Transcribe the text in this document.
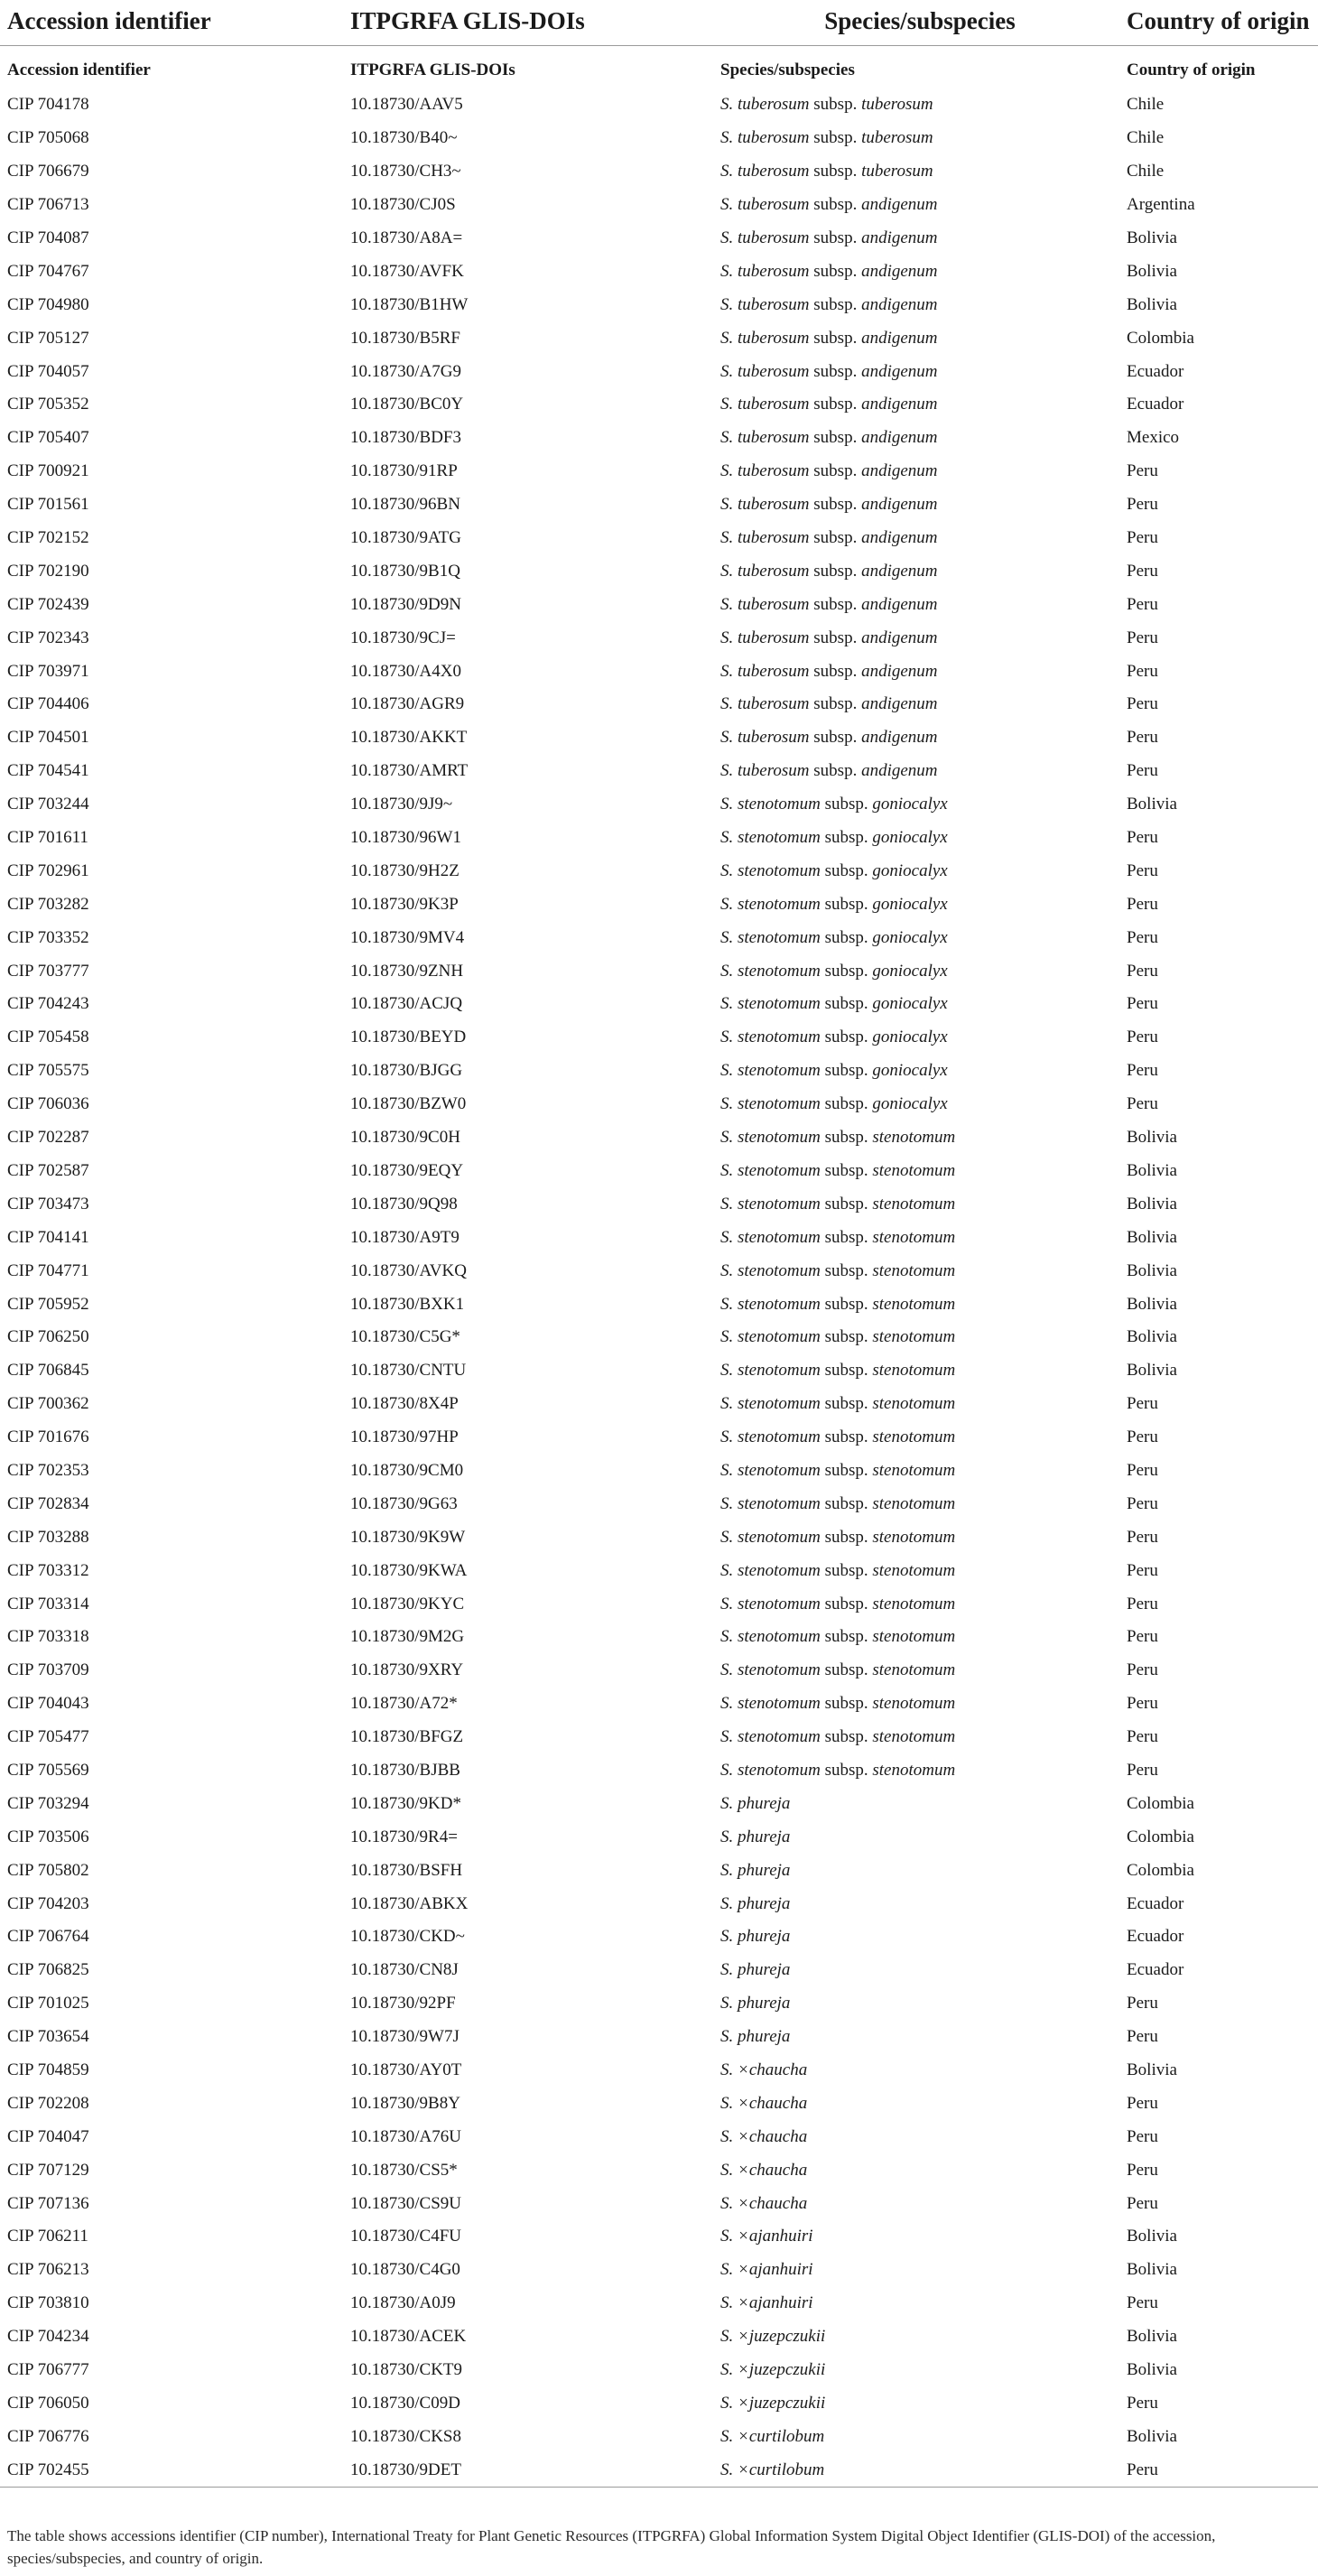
Accession identifier	ITPGRFA GLIS-DOIs	Species/subspecies	Country of origin
Accession identifier	ITPGRFA GLIS-DOIs	Species/subspecies	Country of origin
CIP 704178	10.18730/AAV5	S. tuberosum subsp. tuberosum	Chile
CIP 705068	10.18730/B40~	S. tuberosum subsp. tuberosum	Chile
CIP 706679	10.18730/CH3~	S. tuberosum subsp. tuberosum	Chile
CIP 706713	10.18730/CJ0S	S. tuberosum subsp. andigenum	Argentina
CIP 704087	10.18730/A8A=	S. tuberosum subsp. andigenum	Bolivia
CIP 704767	10.18730/AVFK	S. tuberosum subsp. andigenum	Bolivia
CIP 704980	10.18730/B1HW	S. tuberosum subsp. andigenum	Bolivia
CIP 705127	10.18730/B5RF	S. tuberosum subsp. andigenum	Colombia
CIP 704057	10.18730/A7G9	S. tuberosum subsp. andigenum	Ecuador
CIP 705352	10.18730/BC0Y	S. tuberosum subsp. andigenum	Ecuador
CIP 705407	10.18730/BDF3	S. tuberosum subsp. andigenum	Mexico
CIP 700921	10.18730/91RP	S. tuberosum subsp. andigenum	Peru
CIP 701561	10.18730/96BN	S. tuberosum subsp. andigenum	Peru
CIP 702152	10.18730/9ATG	S. tuberosum subsp. andigenum	Peru
CIP 702190	10.18730/9B1Q	S. tuberosum subsp. andigenum	Peru
CIP 702439	10.18730/9D9N	S. tuberosum subsp. andigenum	Peru
CIP 702343	10.18730/9CJ=	S. tuberosum subsp. andigenum	Peru
CIP 703971	10.18730/A4X0	S. tuberosum subsp. andigenum	Peru
CIP 704406	10.18730/AGR9	S. tuberosum subsp. andigenum	Peru
CIP 704501	10.18730/AKKT	S. tuberosum subsp. andigenum	Peru
CIP 704541	10.18730/AMRT	S. tuberosum subsp. andigenum	Peru
CIP 703244	10.18730/9J9~	S. stenotomum subsp. goniocalyx	Bolivia
CIP 701611	10.18730/96W1	S. stenotomum subsp. goniocalyx	Peru
CIP 702961	10.18730/9H2Z	S. stenotomum subsp. goniocalyx	Peru
CIP 703282	10.18730/9K3P	S. stenotomum subsp. goniocalyx	Peru
CIP 703352	10.18730/9MV4	S. stenotomum subsp. goniocalyx	Peru
CIP 703777	10.18730/9ZNH	S. stenotomum subsp. goniocalyx	Peru
CIP 704243	10.18730/ACJQ	S. stenotomum subsp. goniocalyx	Peru
CIP 705458	10.18730/BEYD	S. stenotomum subsp. goniocalyx	Peru
CIP 705575	10.18730/BJGG	S. stenotomum subsp. goniocalyx	Peru
CIP 706036	10.18730/BZW0	S. stenotomum subsp. goniocalyx	Peru
CIP 702287	10.18730/9C0H	S. stenotomum subsp. stenotomum	Bolivia
CIP 702587	10.18730/9EQY	S. stenotomum subsp. stenotomum	Bolivia
CIP 703473	10.18730/9Q98	S. stenotomum subsp. stenotomum	Bolivia
CIP 704141	10.18730/A9T9	S. stenotomum subsp. stenotomum	Bolivia
CIP 704771	10.18730/AVKQ	S. stenotomum subsp. stenotomum	Bolivia
CIP 705952	10.18730/BXK1	S. stenotomum subsp. stenotomum	Bolivia
CIP 706250	10.18730/C5G*	S. stenotomum subsp. stenotomum	Bolivia
CIP 706845	10.18730/CNTU	S. stenotomum subsp. stenotomum	Bolivia
CIP 700362	10.18730/8X4P	S. stenotomum subsp. stenotomum	Peru
CIP 701676	10.18730/97HP	S. stenotomum subsp. stenotomum	Peru
CIP 702353	10.18730/9CM0	S. stenotomum subsp. stenotomum	Peru
CIP 702834	10.18730/9G63	S. stenotomum subsp. stenotomum	Peru
CIP 703288	10.18730/9K9W	S. stenotomum subsp. stenotomum	Peru
CIP 703312	10.18730/9KWA	S. stenotomum subsp. stenotomum	Peru
CIP 703314	10.18730/9KYC	S. stenotomum subsp. stenotomum	Peru
CIP 703318	10.18730/9M2G	S. stenotomum subsp. stenotomum	Peru
CIP 703709	10.18730/9XRY	S. stenotomum subsp. stenotomum	Peru
CIP 704043	10.18730/A72*	S. stenotomum subsp. stenotomum	Peru
CIP 705477	10.18730/BFGZ	S. stenotomum subsp. stenotomum	Peru
CIP 705569	10.18730/BJBB	S. stenotomum subsp. stenotomum	Peru
CIP 703294	10.18730/9KD*	S. phureja	Colombia
CIP 703506	10.18730/9R4=	S. phureja	Colombia
CIP 705802	10.18730/BSFH	S. phureja	Colombia
CIP 704203	10.18730/ABKX	S. phureja	Ecuador
CIP 706764	10.18730/CKD~	S. phureja	Ecuador
CIP 706825	10.18730/CN8J	S. phureja	Ecuador
CIP 701025	10.18730/92PF	S. phureja	Peru
CIP 703654	10.18730/9W7J	S. phureja	Peru
CIP 704859	10.18730/AY0T	S. ×chaucha	Bolivia
CIP 702208	10.18730/9B8Y	S. ×chaucha	Peru
CIP 704047	10.18730/A76U	S. ×chaucha	Peru
CIP 707129	10.18730/CS5*	S. ×chaucha	Peru
CIP 707136	10.18730/CS9U	S. ×chaucha	Peru
CIP 706211	10.18730/C4FU	S. ×ajanhuiri	Bolivia
CIP 706213	10.18730/C4G0	S. ×ajanhuiri	Bolivia
CIP 703810	10.18730/A0J9	S. ×ajanhuiri	Peru
CIP 704234	10.18730/ACEK	S. ×juzepczukii	Bolivia
CIP 706777	10.18730/CKT9	S. ×juzepczukii	Bolivia
CIP 706050	10.18730/C09D	S. ×juzepczukii	Peru
CIP 706776	10.18730/CKS8	S. ×curtilobum	Bolivia
CIP 702455	10.18730/9DET	S. ×curtilobum	Peru
The table shows accessions identifier (CIP number), International Treaty for Plant Genetic Resources (ITPGRFA) Global Information System Digital Object Identifier (GLIS-DOI) of the accession, species/subspecies, and country of origin.
